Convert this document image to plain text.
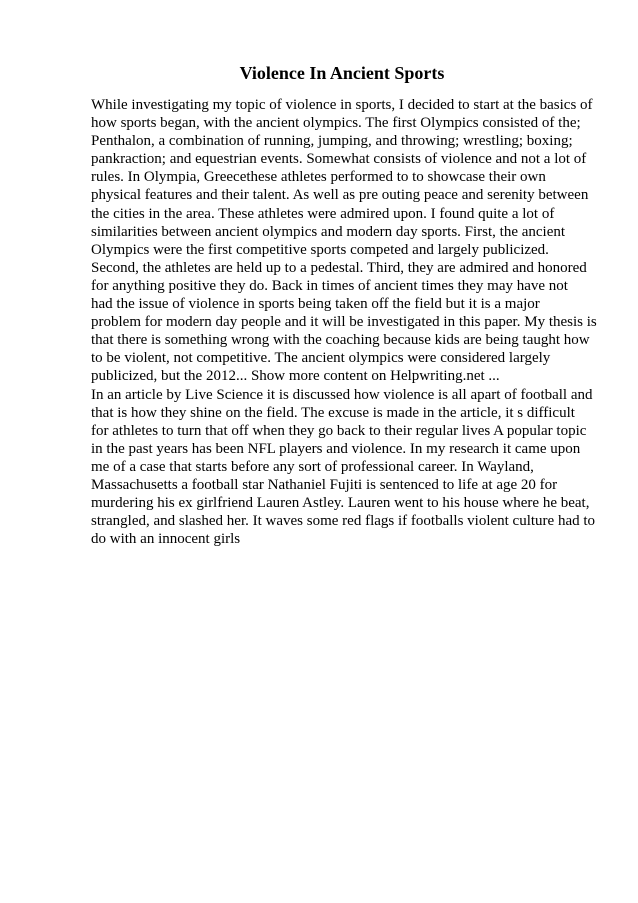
Violence In Ancient Sports

While investigating my topic of violence in sports, I decided to start at the basics of
how sports began, with the ancient olympics. The first Olympics consisted of the;
Penthalon, a combination of running, jumping, and throwing; wrestling; boxing;
pankraction; and equestrian events. Somewhat consists of violence and not a lot of
rules. In Olympia, Greecethese athletes performed to to showcase their own
physical features and their talent. As well as pre outing peace and serenity between
the cities in the area. These athletes were admired upon. I found quite a lot of
similarities between ancient olympics and modern day sports. First, the ancient
Olympics were the first competitive sports competed and largely publicized.
Second, the athletes are held up to a pedestal. Third, they are admired and honored
for anything positive they do. Back in times of ancient times they may have not
had the issue of violence in sports being taken off the field but it is a major
problem for modern day people and it will be investigated in this paper. My thesis is
that there is something wrong with the coaching because kids are being taught how
to be violent, not competitive. The ancient olympics were considered largely
publicized, but the 2012... Show more content on Helpwriting.net ...

In an article by Live Science it is discussed how violence is all apart of football and
that is how they shine on the field. The excuse is made in the article, it s difficult
for athletes to turn that off when they go back to their regular lives A popular topic
in the past years has been NFL players and violence. In my research it came upon
me of a case that starts before any sort of professional career. In Wayland,
Massachusetts a football star Nathaniel Fujiti is sentenced to life at age 20 for
murdering his ex girlfriend Lauren Astley. Lauren went to his house where he beat,
strangled, and slashed her. It waves some red flags if footballs violent culture had to
do with an innocent girls
